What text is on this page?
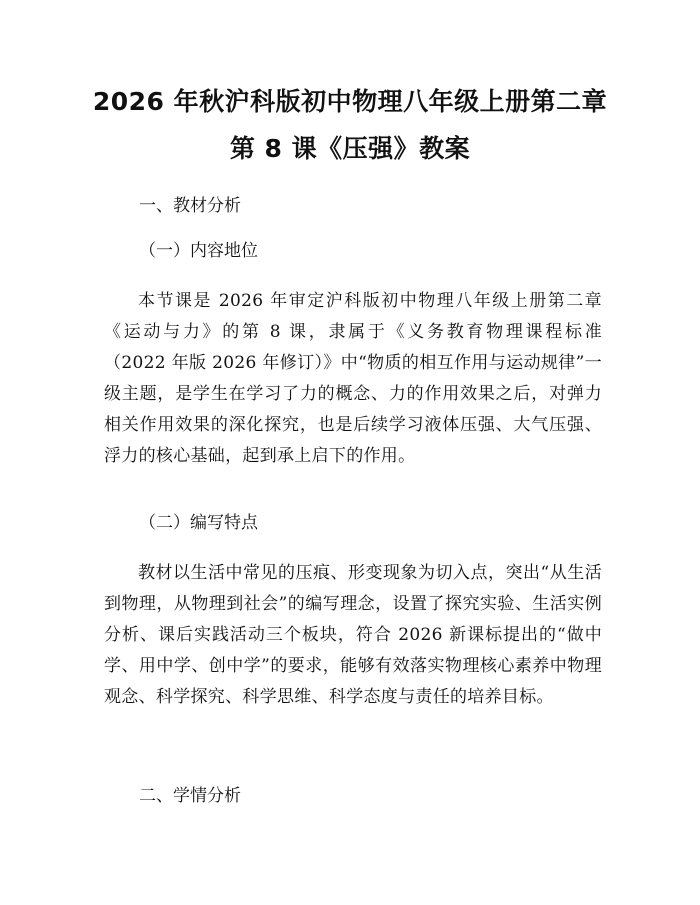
2026 年秋沪科版初中物理八年级上册第二章
第 8 课《压强》教案
一、教材分析
（一）内容地位

本节课是 2026 年审定沪科版初中物理八年级上册第二章《运动与力》的第 8 课，隶属于《义务教育物理课程标准（2022 年版 2026 年修订）》中“物质的相互作用与运动规律”一级主题，是学生在学习了力的概念、力的作用效果之后，对弹力相关作用效果的深化探究，也是后续学习液体压强、大气压强、浮力的核心基础，起到承上启下的作用。

（二）编写特点

教材以生活中常见的压痕、形变现象为切入点，突出“从生活到物理，从物理到社会”的编写理念，设置了探究实验、生活实例分析、课后实践活动三个板块，符合 2026 新课标提出的“做中学、用中学、创中学”的要求，能够有效落实物理核心素养中物理观念、科学探究、科学思维、科学态度与责任的培养目标。

二、学情分析
